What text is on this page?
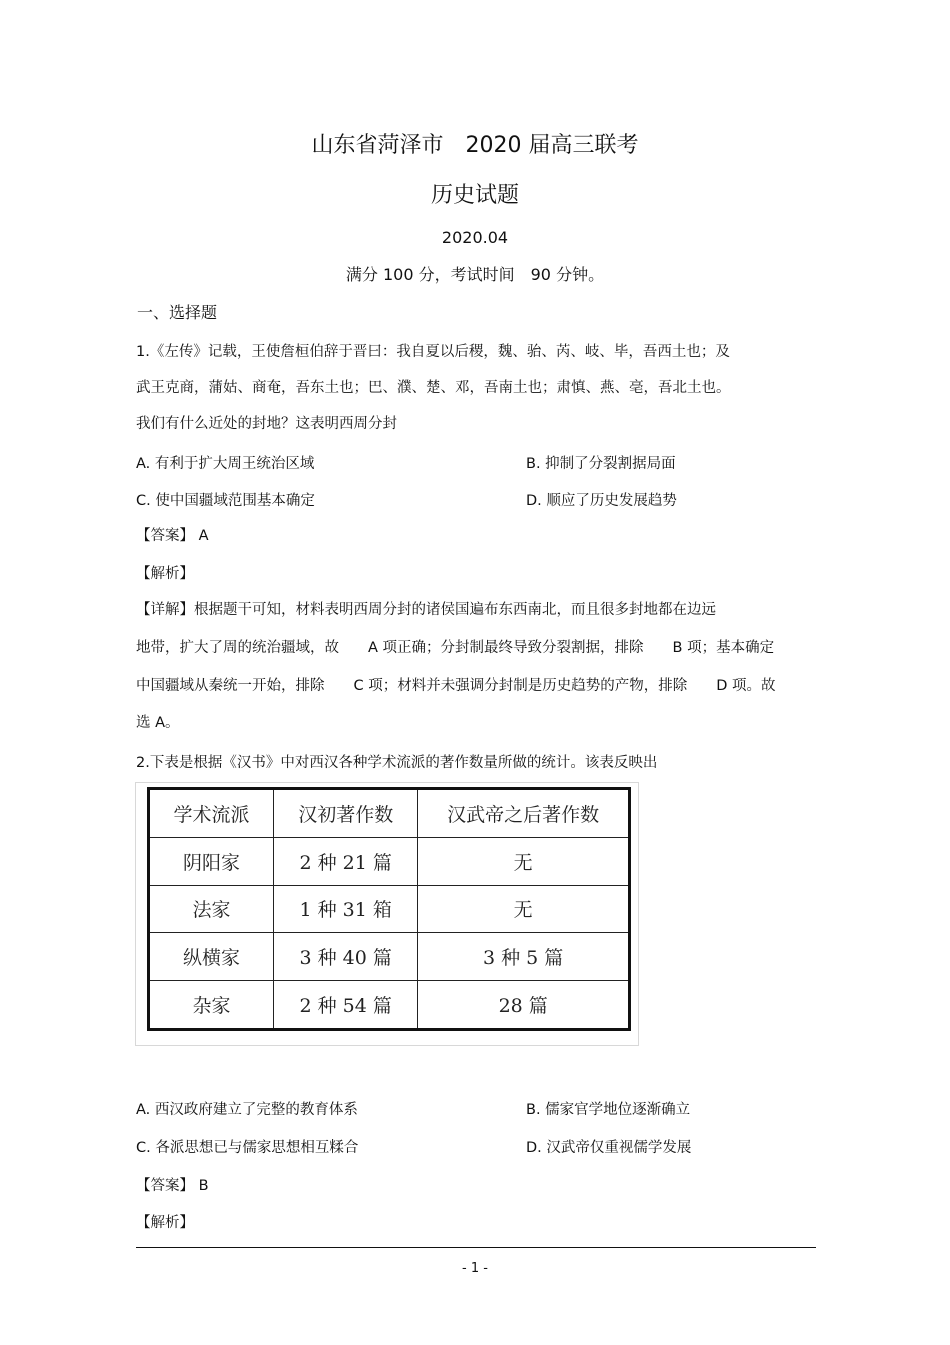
山东省菏泽市　2020 届高三联考
历史试题
2020.04
满分 100 分，考试时间　90 分钟。
一、选择题
1.《左传》记载，王使詹桓伯辞于晋曰：我自夏以后稷，魏、骀、芮、岐、毕，吾西土也；及
武王克商，蒲姑、商奄，吾东土也；巴、濮、楚、邓，吾南土也；肃慎、燕、亳，吾北土也。
我们有什么近处的封地？这表明西周分封
A. 有利于扩大周王统治区域	B. 抑制了分裂割据局面
C. 使中国疆域范围基本确定	D. 顺应了历史发展趋势
【答案】 A
【解析】
【详解】根据题干可知，材料表明西周分封的诸侯国遍布东西南北，而且很多封地都在边远
地带，扩大了周的统治疆域，故　　A 项正确；分封制最终导致分裂割据，排除　　B 项；基本确定
中国疆域从秦统一开始，排除　　C 项；材料并未强调分封制是历史趋势的产物，排除　　D 项。故
选 A。
2.下表是根据《汉书》中对西汉各种学术流派的著作数量所做的统计。该表反映出
学术流派	汉初著作数	汉武帝之后著作数
阴阳家	2 种 21 篇	无
法家	1 种 31 箱	无
纵横家	3 种 40 篇	3 种 5 篇
杂家	2 种 54 篇	28 篇
A. 西汉政府建立了完整的教育体系	B. 儒家官学地位逐渐确立
C. 各派思想已与儒家思想相互糅合	D. 汉武帝仅重视儒学发展
【答案】 B
【解析】
- 1 -
